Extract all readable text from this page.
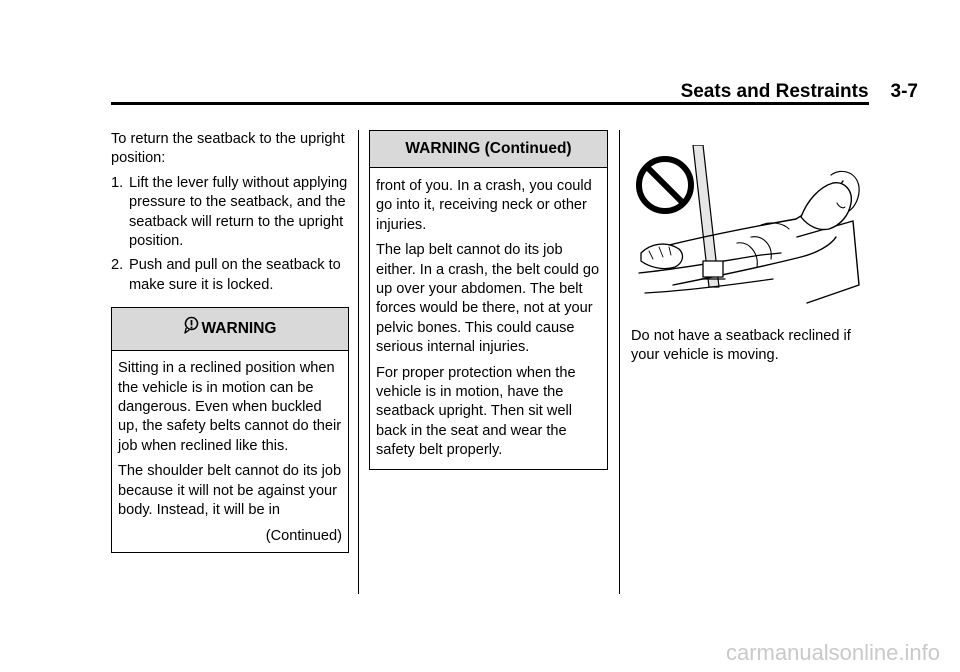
Seats and Restraints 3-7

To return the seatback to the upright position:

1. Lift the lever fully without applying pressure to the seatback, and the seatback will return to the upright position.
2. Push and pull on the seatback to make sure it is locked.
WARNING

Sitting in a reclined position when the vehicle is in motion can be dangerous. Even when buckled up, the safety belts cannot do their job when reclined like this.

The shoulder belt cannot do its job because it will not be against your body. Instead, it will be in

(Continued)

WARNING (Continued)

front of you. In a crash, you could go into it, receiving neck or other injuries.

The lap belt cannot do its job either. In a crash, the belt could go up over your abdomen. The belt forces would be there, not at your pelvic bones. This could cause serious internal injuries.

For proper protection when the vehicle is in motion, have the seatback upright. Then sit well back in the seat and wear the safety belt properly.

Do not have a seatback reclined if your vehicle is moving.

carmanualsonline.info
